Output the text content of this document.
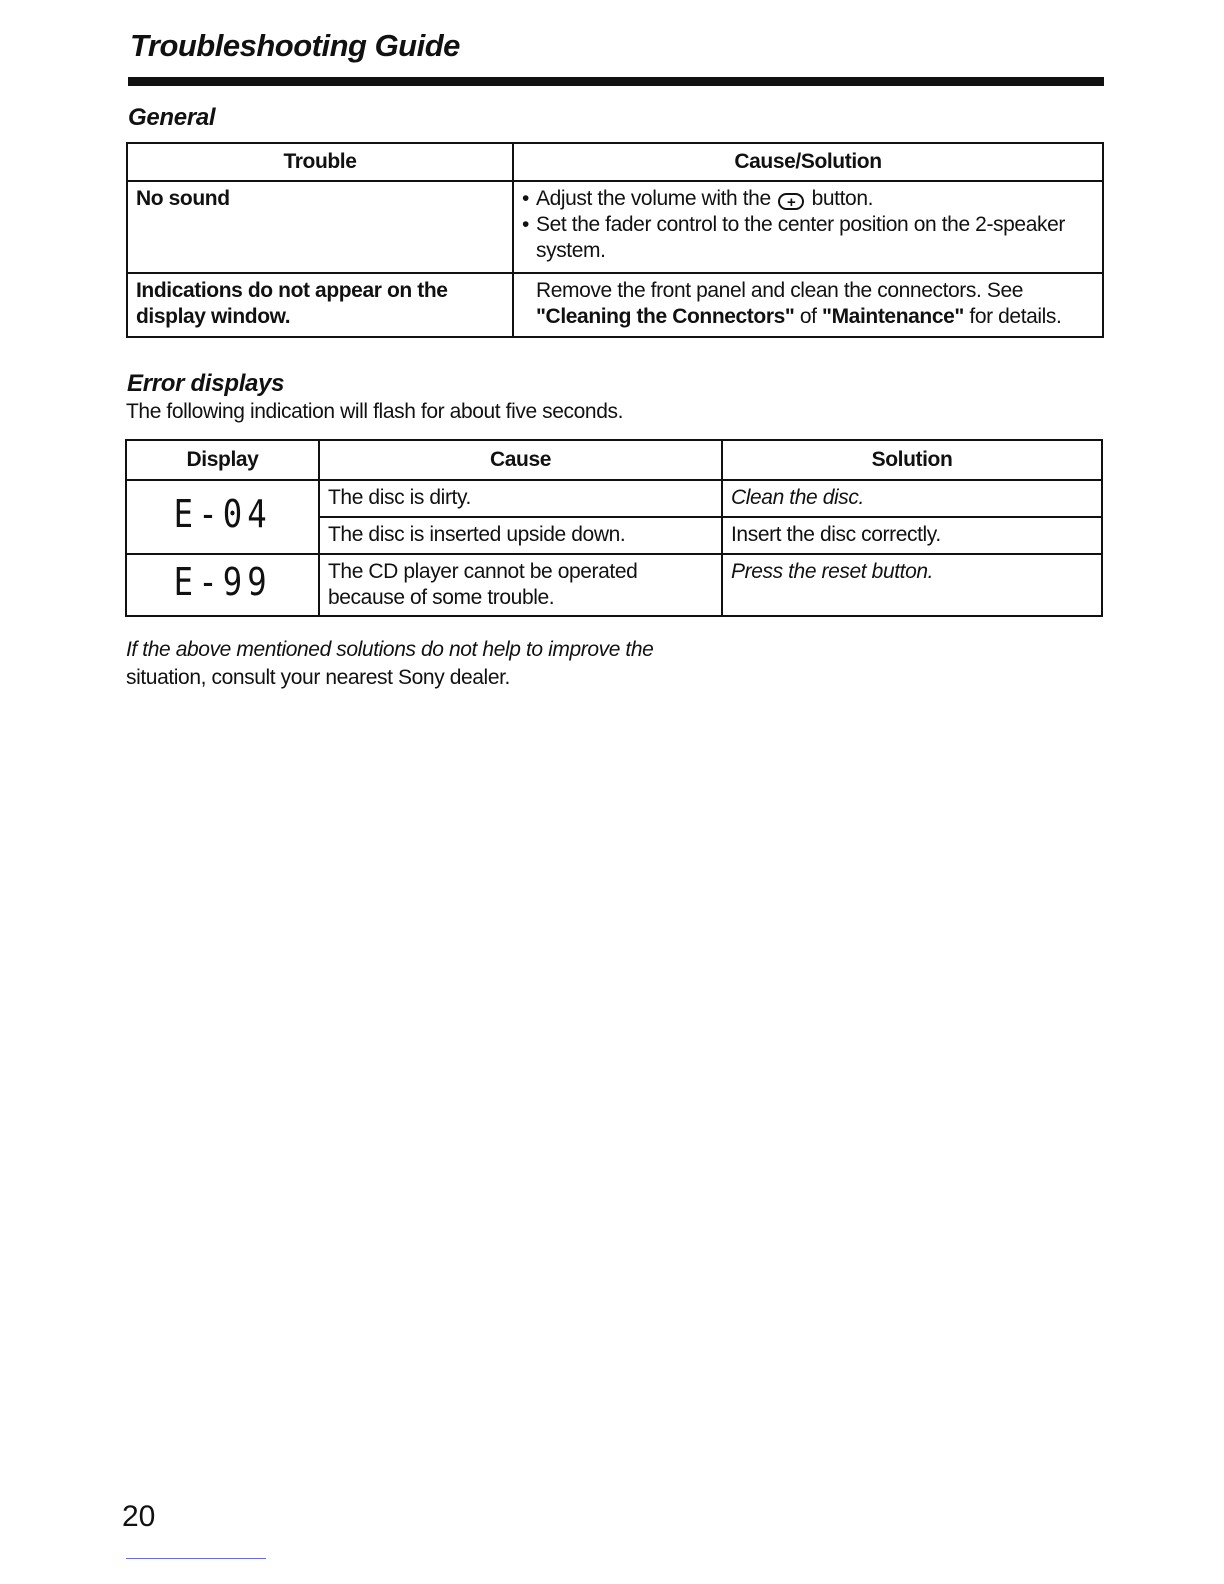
Troubleshooting Guide
General
Trouble	Cause/Solution
No sound	• Adjust the volume with the + button.
• Set the fader control to the center position on the 2-speaker system.

Indications do not appear on the display window.	Remove the front panel and clean the connectors. See "Cleaning the Connectors" of "Maintenance" for details.
Error displays
The following indication will flash for about five seconds.
Display	Cause	Solution
E-04	The disc is dirty.	Clean the disc.
	The disc is inserted upside down.	Insert the disc correctly.
E-99	The CD player cannot be operated because of some trouble.	Press the reset button.
If the above mentioned solutions do not help to improve the
situation, consult your nearest Sony dealer.
20
